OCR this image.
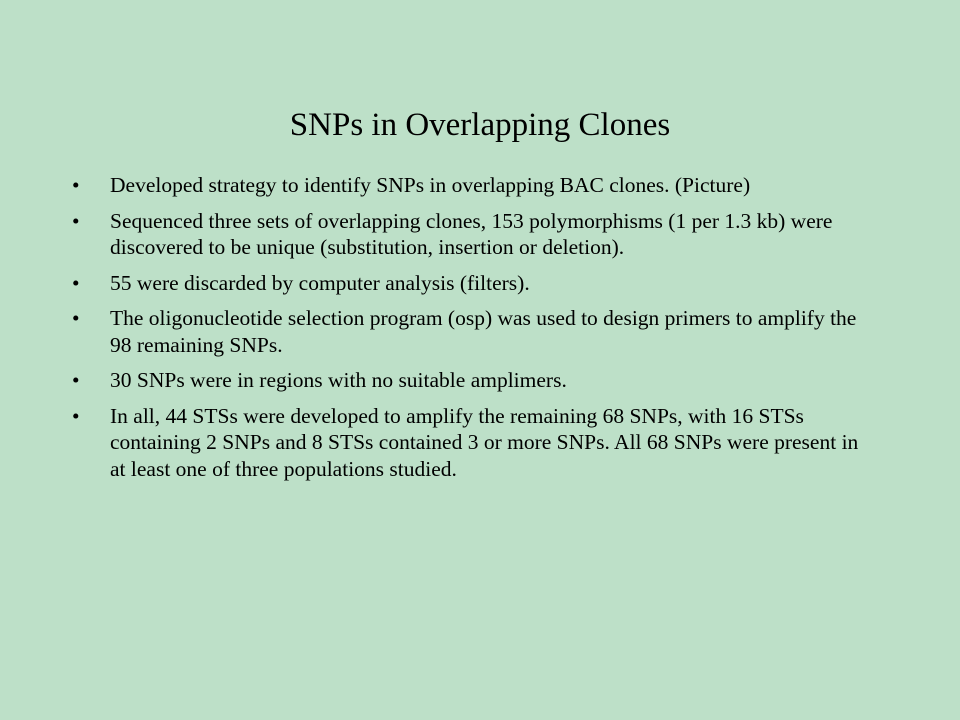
SNPs in Overlapping Clones
• Developed strategy to identify SNPs in overlapping BAC clones. (Picture)
• Sequenced three sets of overlapping clones, 153 polymorphisms (1 per 1.3 kb) were discovered to be unique (substitution, insertion or deletion).
• 55 were discarded by computer analysis (filters).
• The oligonucleotide selection program (osp) was used to design primers to amplify the 98 remaining SNPs.
• 30 SNPs were in regions with no suitable amplimers.
• In all, 44 STSs were developed to amplify the remaining 68 SNPs, with 16 STSs containing 2 SNPs and 8 STSs contained 3 or more SNPs. All 68 SNPs were present in at least one of three populations studied.
